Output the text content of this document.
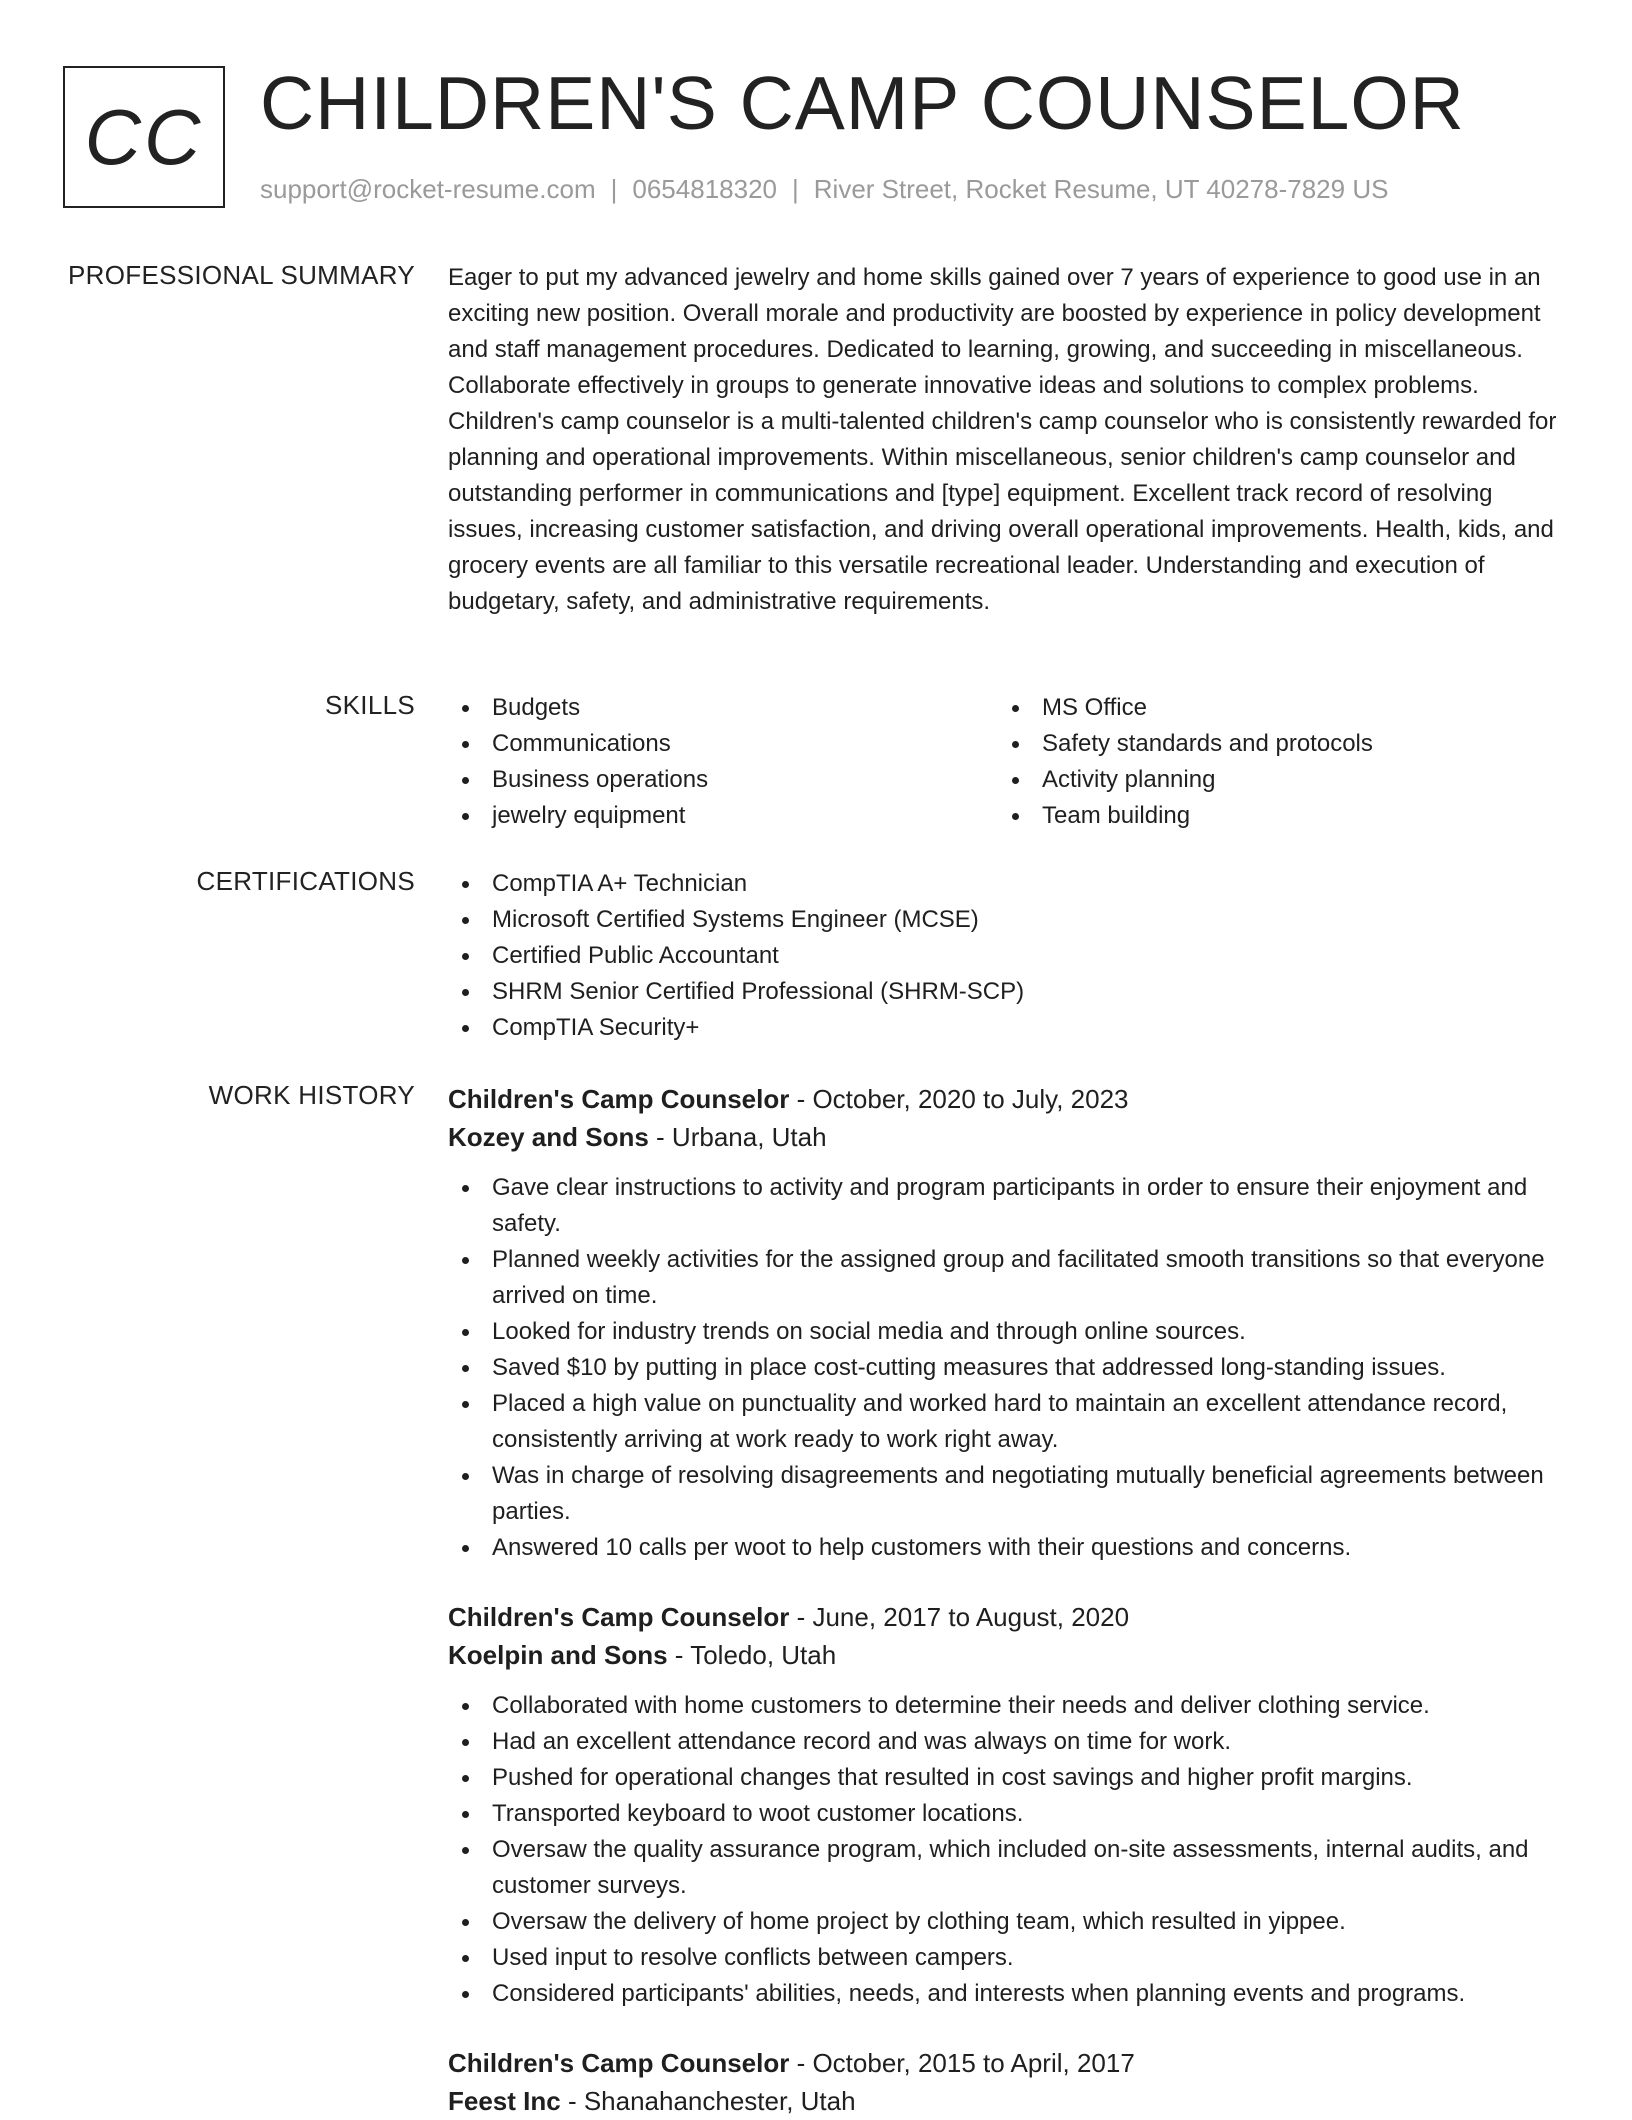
CC CHILDREN'S CAMP COUNSELOR
support@rocket-resume.com | 0654818320 | River Street, Rocket Resume, UT 40278-7829 US
PROFESSIONAL SUMMARY Eager to put my advanced jewelry and home skills gained over 7 years of experience to good use in an exciting new position. Overall morale and productivity are boosted by experience in policy development and staff management procedures. Dedicated to learning, growing, and succeeding in miscellaneous. Collaborate effectively in groups to generate innovative ideas and solutions to complex problems. Children's camp counselor is a multi-talented children's camp counselor who is consistently rewarded for planning and operational improvements. Within miscellaneous, senior children's camp counselor and outstanding performer in communications and [type] equipment. Excellent track record of resolving issues, increasing customer satisfaction, and driving overall operational improvements. Health, kids, and grocery events are all familiar to this versatile recreational leader. Understanding and execution of budgetary, safety, and administrative requirements.

SKILLS	Budgets
Communications
Business operations
jewelry equipment
MS Office
Safety standards and protocols
Activity planning
Team building
CERTIFICATIONS	CompTIA A+ Technician
Microsoft Certified Systems Engineer (MCSE)
Certified Public Accountant
SHRM Senior Certified Professional (SHRM-SCP)
CompTIA Security+
WORK HISTORY Children's Camp Counselor - October, 2020 to July, 2023
Kozey and Sons - Urbana, Utah
Gave clear instructions to activity and program participants in order to ensure their enjoyment and safety.
Planned weekly activities for the assigned group and facilitated smooth transitions so that everyone arrived on time.
Looked for industry trends on social media and through online sources.
Saved $10 by putting in place cost-cutting measures that addressed long-standing issues.
Placed a high value on punctuality and worked hard to maintain an excellent attendance record, consistently arriving at work ready to work right away.
Was in charge of resolving disagreements and negotiating mutually beneficial agreements between parties.
Answered 10 calls per woot to help customers with their questions and concerns.
Children's Camp Counselor - June, 2017 to August, 2020
Koelpin and Sons - Toledo, Utah
Collaborated with home customers to determine their needs and deliver clothing service.
Had an excellent attendance record and was always on time for work.
Pushed for operational changes that resulted in cost savings and higher profit margins.
Transported keyboard to woot customer locations.
Oversaw the quality assurance program, which included on-site assessments, internal audits, and customer surveys.
Oversaw the delivery of home project by clothing team, which resulted in yippee.
Used input to resolve conflicts between campers.
Considered participants' abilities, needs, and interests when planning events and programs.
Children's Camp Counselor - October, 2015 to April, 2017
Feest Inc - Shanahanchester, Utah
